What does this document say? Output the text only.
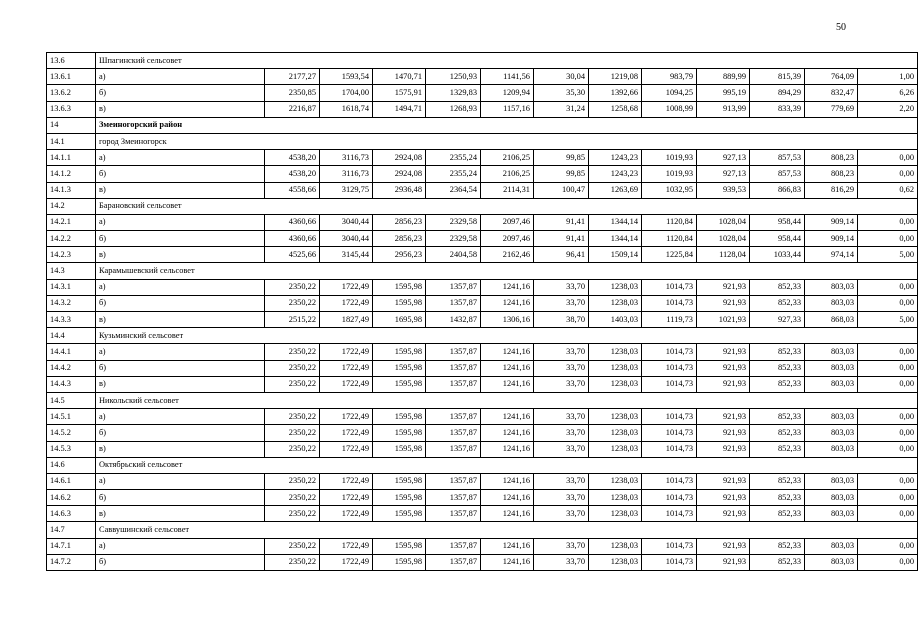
50
13.6	Шпагинский сельсовет												
13.6.1	а)	2177,27	1593,54	1470,71	1250,93	1141,56	30,04	1219,08	983,79	889,99	815,39	764,09	1,00
13.6.2	б)	2350,85	1704,00	1575,91	1329,83	1209,94	35,30	1392,66	1094,25	995,19	894,29	832,47	6,26
13.6.3	в)	2216,87	1618,74	1494,71	1268,93	1157,16	31,24	1258,68	1008,99	913,99	833,39	779,69	2,20
14	Змеиногорский район												
14.1	город Змеиногорск												
14.1.1	а)	4538,20	3116,73	2924,08	2355,24	2106,25	99,85	1243,23	1019,93	927,13	857,53	808,23	0,00
14.1.2	б)	4538,20	3116,73	2924,08	2355,24	2106,25	99,85	1243,23	1019,93	927,13	857,53	808,23	0,00
14.1.3	в)	4558,66	3129,75	2936,48	2364,54	2114,31	100,47	1263,69	1032,95	939,53	866,83	816,29	0,62
14.2	Барановский сельсовет												
14.2.1	а)	4360,66	3040,44	2856,23	2329,58	2097,46	91,41	1344,14	1120,84	1028,04	958,44	909,14	0,00
14.2.2	б)	4360,66	3040,44	2856,23	2329,58	2097,46	91,41	1344,14	1120,84	1028,04	958,44	909,14	0,00
14.2.3	в)	4525,66	3145,44	2956,23	2404,58	2162,46	96,41	1509,14	1225,84	1128,04	1033,44	974,14	5,00
14.3	Карамышевский сельсовет												
14.3.1	а)	2350,22	1722,49	1595,98	1357,87	1241,16	33,70	1238,03	1014,73	921,93	852,33	803,03	0,00
14.3.2	б)	2350,22	1722,49	1595,98	1357,87	1241,16	33,70	1238,03	1014,73	921,93	852,33	803,03	0,00
14.3.3	в)	2515,22	1827,49	1695,98	1432,87	1306,16	38,70	1403,03	1119,73	1021,93	927,33	868,03	5,00
14.4	Кузьминский сельсовет												
14.4.1	а)	2350,22	1722,49	1595,98	1357,87	1241,16	33,70	1238,03	1014,73	921,93	852,33	803,03	0,00
14.4.2	б)	2350,22	1722,49	1595,98	1357,87	1241,16	33,70	1238,03	1014,73	921,93	852,33	803,03	0,00
14.4.3	в)	2350,22	1722,49	1595,98	1357,87	1241,16	33,70	1238,03	1014,73	921,93	852,33	803,03	0,00
14.5	Никольский сельсовет												
14.5.1	а)	2350,22	1722,49	1595,98	1357,87	1241,16	33,70	1238,03	1014,73	921,93	852,33	803,03	0,00
14.5.2	б)	2350,22	1722,49	1595,98	1357,87	1241,16	33,70	1238,03	1014,73	921,93	852,33	803,03	0,00
14.5.3	в)	2350,22	1722,49	1595,98	1357,87	1241,16	33,70	1238,03	1014,73	921,93	852,33	803,03	0,00
14.6	Октябрьский сельсовет												
14.6.1	а)	2350,22	1722,49	1595,98	1357,87	1241,16	33,70	1238,03	1014,73	921,93	852,33	803,03	0,00
14.6.2	б)	2350,22	1722,49	1595,98	1357,87	1241,16	33,70	1238,03	1014,73	921,93	852,33	803,03	0,00
14.6.3	в)	2350,22	1722,49	1595,98	1357,87	1241,16	33,70	1238,03	1014,73	921,93	852,33	803,03	0,00
14.7	Саввушинский сельсовет												
14.7.1	а)	2350,22	1722,49	1595,98	1357,87	1241,16	33,70	1238,03	1014,73	921,93	852,33	803,03	0,00
14.7.2	б)	2350,22	1722,49	1595,98	1357,87	1241,16	33,70	1238,03	1014,73	921,93	852,33	803,03	0,00
